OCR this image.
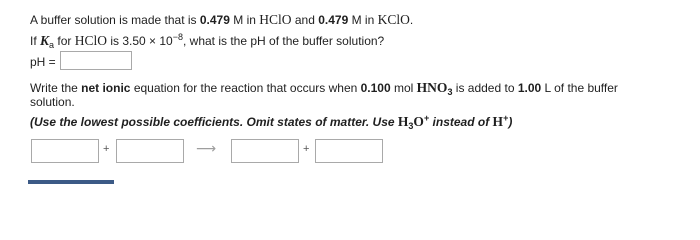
A buffer solution is made that is 0.479 M in HClO and 0.479 M in KClO.
If $K_a$ for HClO is $3.50 \times 10^{-8}$, what is the pH of the buffer solution?
pH =
Write the net ionic equation for the reaction that occurs when 0.100 mol $HNO_3$ is added to 1.00 L of the buffer
solution.
(Use the lowest possible coefficients. Omit states of matter. Use $H_3O^+$ instead of H+)
+	⟶	+
